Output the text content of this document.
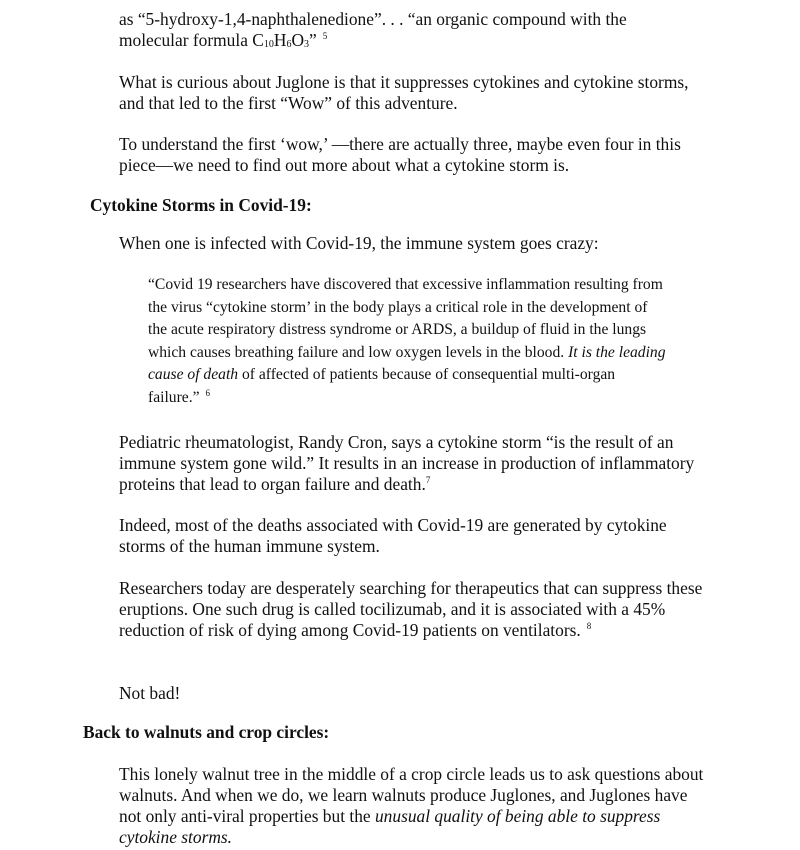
as “5-hydroxy-1,4-naphthalenedione”. . . “an organic compound with the
molecular formula $C_{10}H_6O_3$” $^5$

What is curious about Juglone is that it suppresses cytokines and cytokine storms, and that led to the first “Wow” of this adventure.

To understand the first ‘wow,’ —there are actually three, maybe even four in this piece—we need to find out more about what a cytokine storm is.

Cytokine Storms in Covid-19:

When one is infected with Covid-19, the immune system goes crazy:

“Covid 19 researchers have discovered that excessive inflammation resulting from the virus “cytokine storm’ in the body plays a critical role in the development of the acute respiratory distress syndrome or ARDS, a buildup of fluid in the lungs which causes breathing failure and low oxygen levels in the blood. It is the leading cause of death of affected of patients because of consequential multi-organ failure.” $^6$

Pediatric rheumatologist, Randy Cron, says a cytokine storm “is the result of an immune system gone wild.” It results in an increase in production of inflammatory proteins that lead to organ failure and death.$^7$

Indeed, most of the deaths associated with Covid-19 are generated by cytokine storms of the human immune system.

Researchers today are desperately searching for therapeutics that can suppress these eruptions. One such drug is called tocilizumab, and it is associated with a 45% reduction of risk of dying among Covid-19 patients on ventilators. $^8$

Not bad!

Back to walnuts and crop circles:

This lonely walnut tree in the middle of a crop circle leads us to ask questions about walnuts. And when we do, we learn walnuts produce Juglones, and Juglones have not only anti-viral properties but the unusual quality of being able to suppress cytokine storms.
